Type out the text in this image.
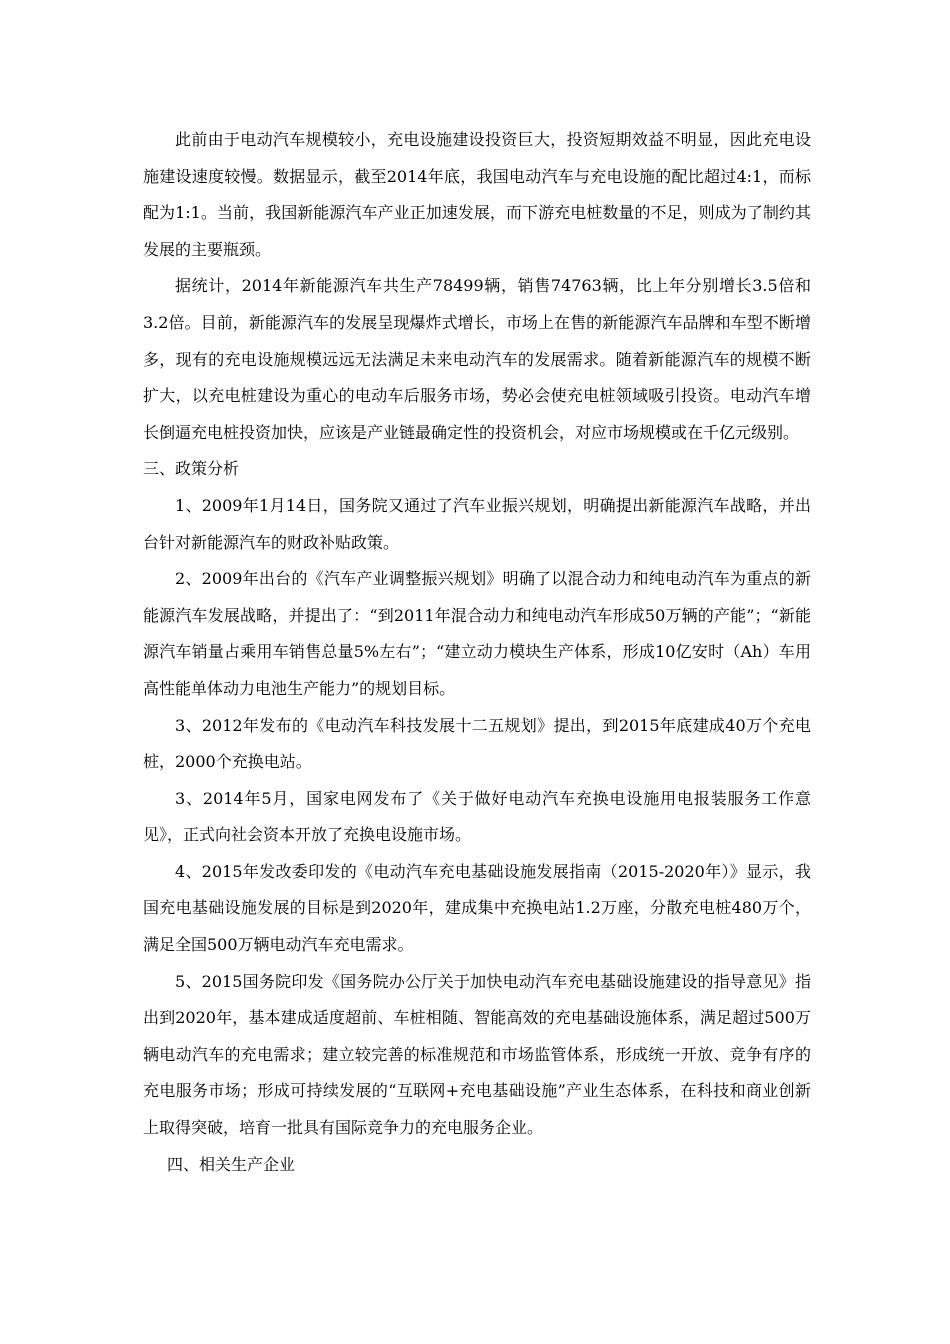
此前由于电动汽车规模较小，充电设施建设投资巨大，投资短期效益不明显，因此充电设施建设速度较慢。数据显示，截至2014年底，我国电动汽车与充电设施的配比超过4:1，而标配为1:1。当前，我国新能源汽车产业正加速发展，而下游充电桩数量的不足，则成为了制约其发展的主要瓶颈。

据统计，2014年新能源汽车共生产78499辆，销售74763辆，比上年分别增长3.5倍和3.2倍。目前，新能源汽车的发展呈现爆炸式增长，市场上在售的新能源汽车品牌和车型不断增多，现有的充电设施规模远远无法满足未来电动汽车的发展需求。随着新能源汽车的规模不断扩大，以充电桩建设为重心的电动车后服务市场，势必会使充电桩领域吸引投资。电动汽车增长倒逼充电桩投资加快，应该是产业链最确定性的投资机会，对应市场规模或在千亿元级别。

三、政策分析

1、2009年1月14日，国务院又通过了汽车业振兴规划，明确提出新能源汽车战略，并出台针对新能源汽车的财政补贴政策。

2、2009年出台的《汽车产业调整振兴规划》明确了以混合动力和纯电动汽车为重点的新能源汽车发展战略，并提出了：“到2011年混合动力和纯电动汽车形成50万辆的产能”；“新能源汽车销量占乘用车销售总量5%左右”；“建立动力模块生产体系，形成10亿安时（Ah）车用高性能单体动力电池生产能力”的规划目标。

3、2012年发布的《电动汽车科技发展十二五规划》提出，到2015年底建成40万个充电桩，2000个充换电站。

3、2014年5月，国家电网发布了《关于做好电动汽车充换电设施用电报装服务工作意见》，正式向社会资本开放了充换电设施市场。

4、2015年发改委印发的《电动汽车充电基础设施发展指南（2015-2020年）》显示，我国充电基础设施发展的目标是到2020年，建成集中充换电站1.2万座，分散充电桩480万个，满足全国500万辆电动汽车充电需求。

5、2015国务院印发《国务院办公厅关于加快电动汽车充电基础设施建设的指导意见》指出到2020年，基本建成适度超前、车桩相随、智能高效的充电基础设施体系，满足超过500万辆电动汽车的充电需求；建立较完善的标准规范和市场监管体系，形成统一开放、竞争有序的充电服务市场；形成可持续发展的“互联网+充电基础设施”产业生态体系，在科技和商业创新上取得突破，培育一批具有国际竞争力的充电服务企业。

四、相关生产企业
